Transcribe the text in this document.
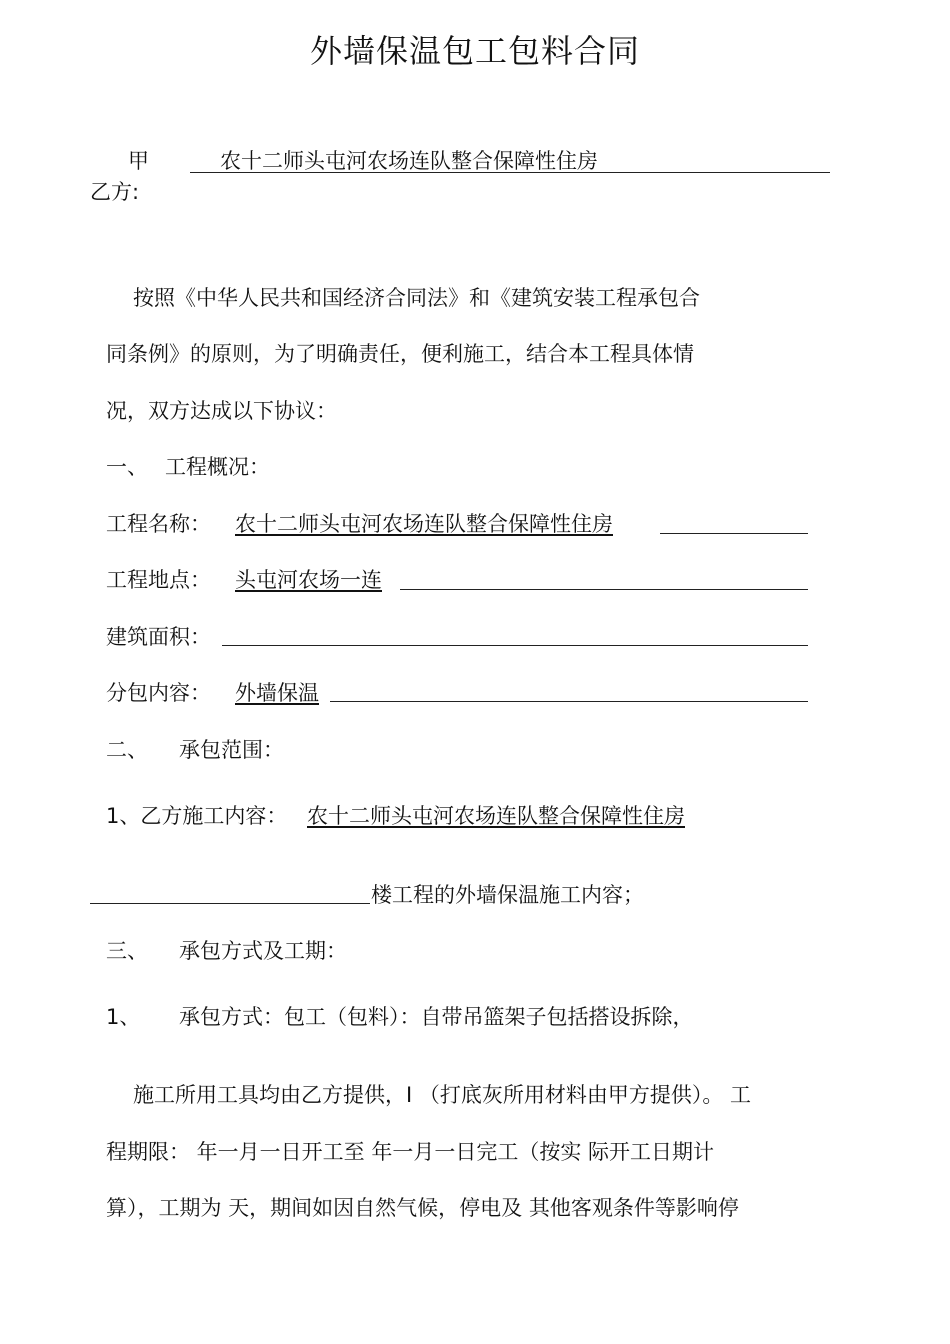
外墙保温包工包料合同
甲	农十二师头屯河农场连队整合保障性住房
乙方:
按照《中华人民共和国经济合同法》和《建筑安装工程承包合
同条例》的原则，为了明确责任，便利施工，结合本工程具体情
况，双方达成以下协议：
一、 工程概况：
工程名称： 农十二师头屯河农场连队整合保障性住房
工程地点： 头屯河农场一连
建筑面积：
分包内容： 外墙保温
二、 承包范围：
1、乙方施工内容： 农十二师头屯河农场连队整合保障性住房
楼工程的外墙保温施工内容；
三、 承包方式及工期：
1、 承包方式：包工（包料）：自带吊篮架子包括搭设拆除，
施工所用工具均由乙方提供，I （打底灰所用材料由甲方提供）。 工
程期限： 年一月一日开工至 年一月一日完工（按实 际开工日期计
算），工期为 天，期间如因自然气候，停电及 其他客观条件等影响停
